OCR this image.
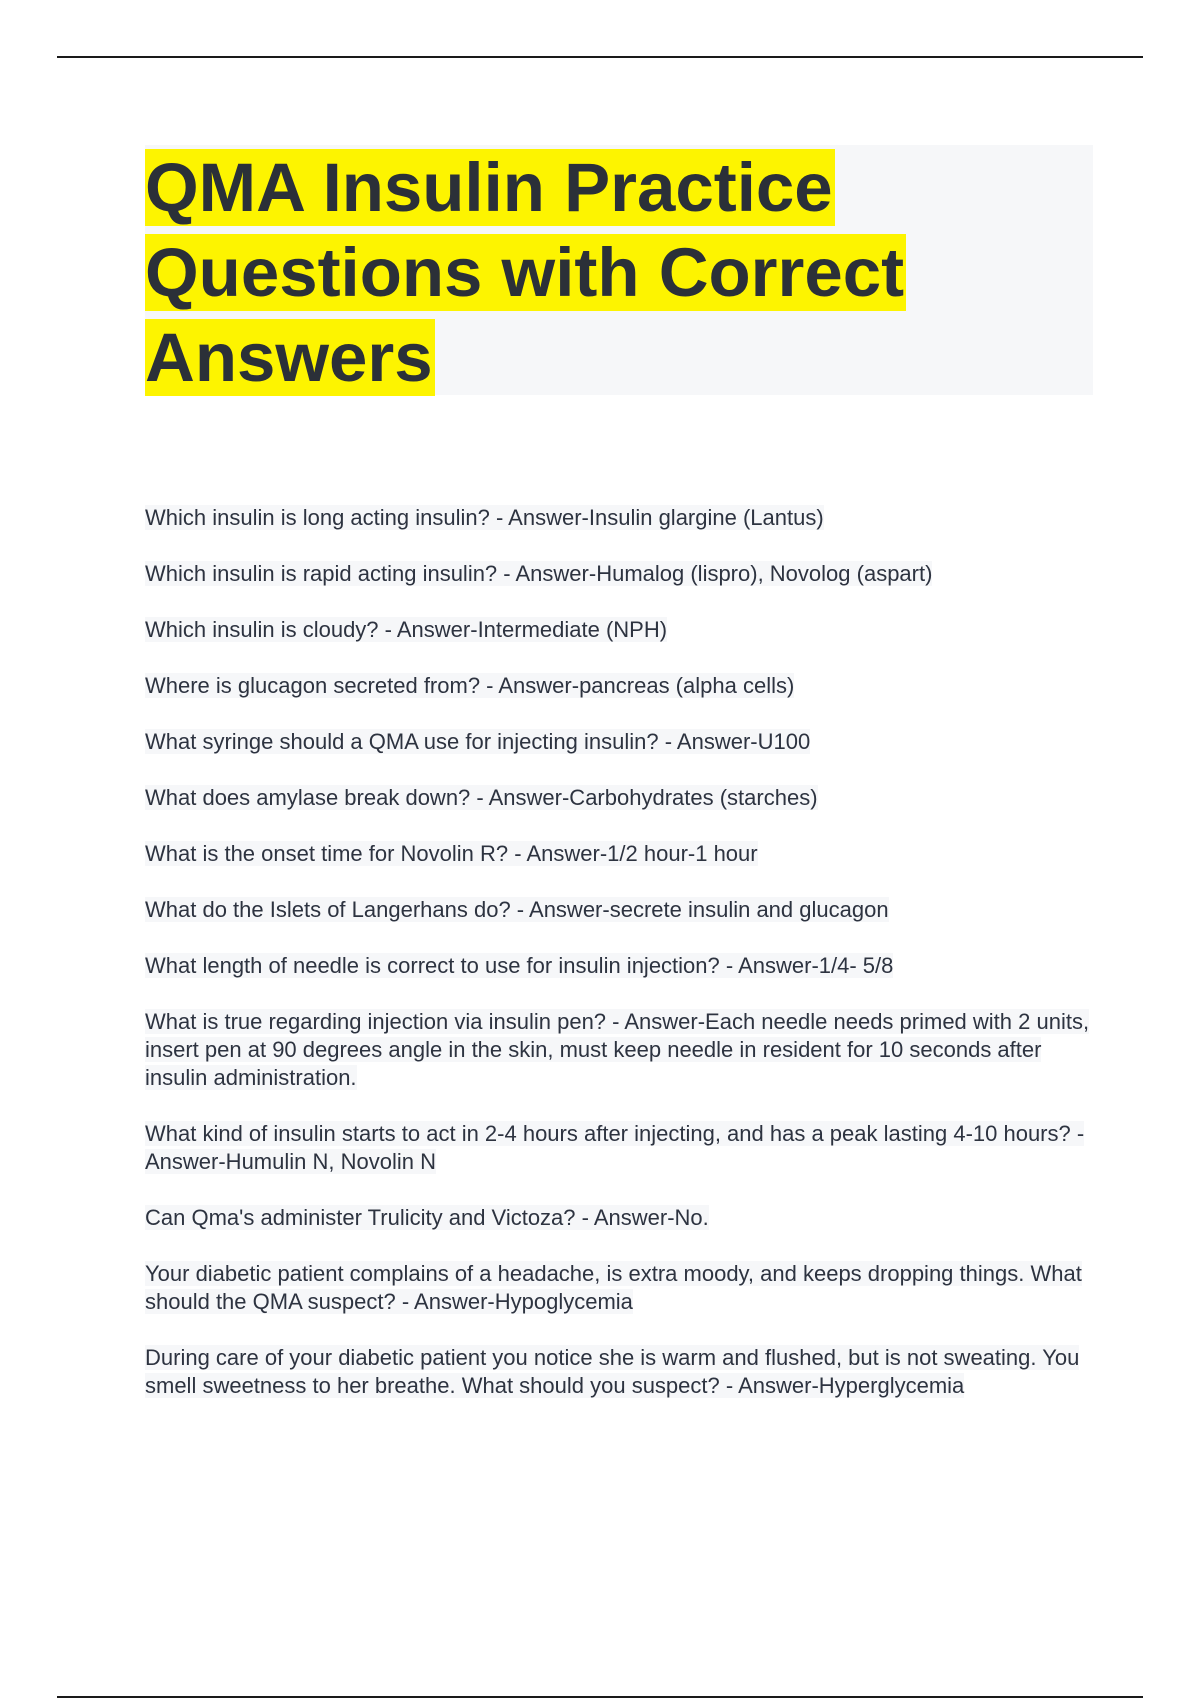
QMA Insulin Practice Questions with Correct Answers
Which insulin is long acting insulin? - Answer-Insulin glargine (Lantus)
Which insulin is rapid acting insulin? - Answer-Humalog (lispro), Novolog (aspart)
Which insulin is cloudy? - Answer-Intermediate (NPH)
Where is glucagon secreted from? - Answer-pancreas (alpha cells)
What syringe should a QMA use for injecting insulin? - Answer-U100
What does amylase break down? - Answer-Carbohydrates (starches)
What is the onset time for Novolin R? - Answer-1/2 hour-1 hour
What do the Islets of Langerhans do? - Answer-secrete insulin and glucagon
What length of needle is correct to use for insulin injection? - Answer-1/4- 5/8
What is true regarding injection via insulin pen? - Answer-Each needle needs primed with 2 units, insert pen at 90 degrees angle in the skin, must keep needle in resident for 10 seconds after insulin administration.
What kind of insulin starts to act in 2-4 hours after injecting, and has a peak lasting 4-10 hours? - Answer-Humulin N, Novolin N
Can Qma's administer Trulicity and Victoza? - Answer-No.
Your diabetic patient complains of a headache, is extra moody, and keeps dropping things. What should the QMA suspect? - Answer-Hypoglycemia
During care of your diabetic patient you notice she is warm and flushed, but is not sweating. You smell sweetness to her breathe. What should you suspect? - Answer-Hyperglycemia
